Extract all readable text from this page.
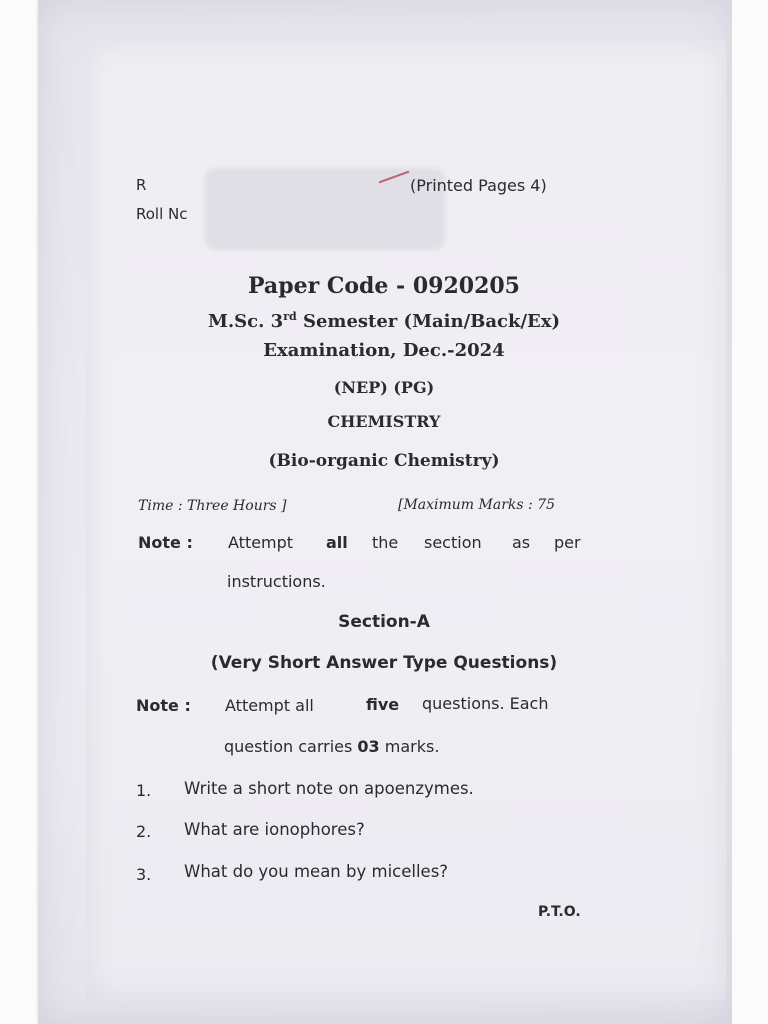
R
Roll Nc
(Printed Pages 4)
Paper Code - 0920205
M.Sc. 3rd Semester (Main/Back/Ex)
Examination, Dec.-2024
(NEP) (PG)
CHEMISTRY
(Bio-organic Chemistry)
Time : Three Hours ]	[Maximum Marks : 75
Note : Attempt all the section as per
instructions.
Section-A
(Very Short Answer Type Questions)
Note : Attempt all	five questions. Each
question carries 03 marks.
1. Write a short note on apoenzymes.
2. What are ionophores?
3. What do you mean by micelles?
P.T.O.
